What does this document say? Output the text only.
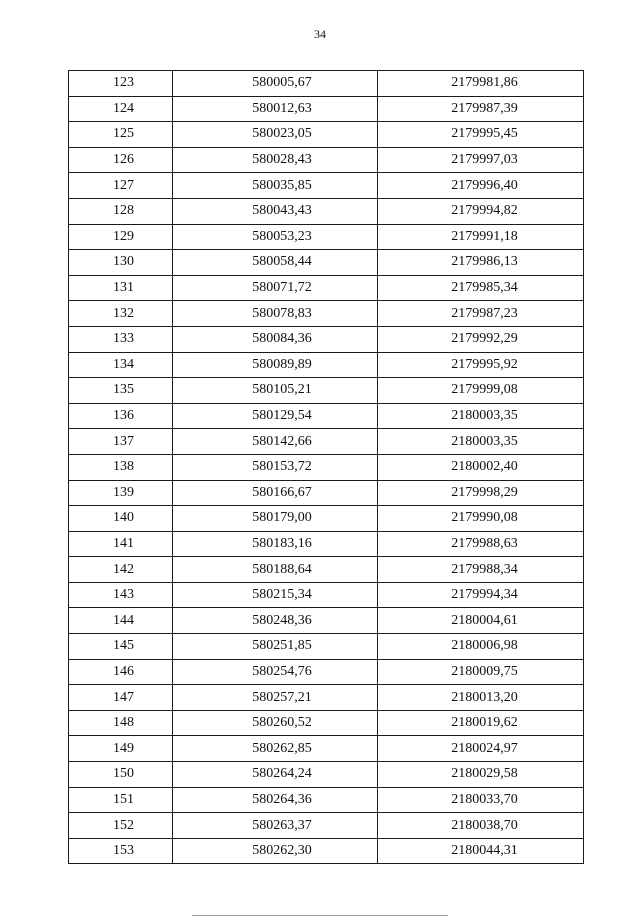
34
123	580005,67	2179981,86
124	580012,63	2179987,39
125	580023,05	2179995,45
126	580028,43	2179997,03
127	580035,85	2179996,40
128	580043,43	2179994,82
129	580053,23	2179991,18
130	580058,44	2179986,13
131	580071,72	2179985,34
132	580078,83	2179987,23
133	580084,36	2179992,29
134	580089,89	2179995,92
135	580105,21	2179999,08
136	580129,54	2180003,35
137	580142,66	2180003,35
138	580153,72	2180002,40
139	580166,67	2179998,29
140	580179,00	2179990,08
141	580183,16	2179988,63
142	580188,64	2179988,34
143	580215,34	2179994,34
144	580248,36	2180004,61
145	580251,85	2180006,98
146	580254,76	2180009,75
147	580257,21	2180013,20
148	580260,52	2180019,62
149	580262,85	2180024,97
150	580264,24	2180029,58
151	580264,36	2180033,70
152	580263,37	2180038,70
153	580262,30	2180044,31
